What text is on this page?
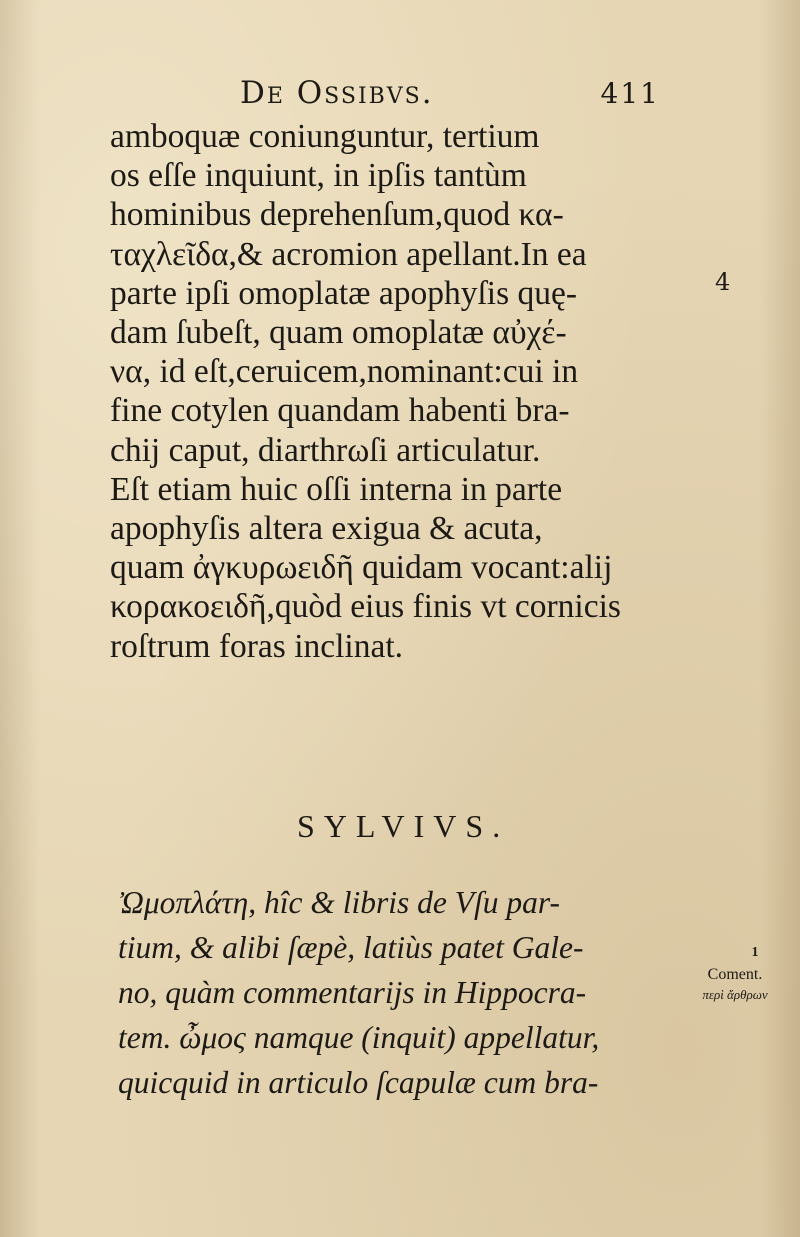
De Ossibvs.	411
amboquæ coniunguntur, tertium
os eſſe inquiunt, in ipſis tantùm
hominibus deprehenſum,quod κα-
ταχλεῖδα,& acromion apellant.In ea
parte ipſi omoplatæ apophyſis quę-
dam ſubeſt, quam omoplatæ αὐχέ-
να, id eſt,ceruicem,nominant:cui in
fine cotylen quandam habenti bra-
chij caput, diarthrωſi articulatur.
Eſt etiam huic oſſi interna in parte
apophyſis altera exigua & acuta,
quam ἀγκυρωειδῆ quidam vocant:alij
κορακοειδῆ,quòd eius finis vt cornicis
roſtrum foras inclinat.
4
SYLVIVS.
Ὠμοπλάτη, hîc & libris de Vſu par-
tium, & alibi ſæpè, latiùs patet Gale-
no, quàm commentarijs in Hippocra-
tem. ὦμος namque (inquit) appellatur,
quicquid in articulo ſcapulæ cum bra-
1
Coment.
περὶ ἄρθρων
